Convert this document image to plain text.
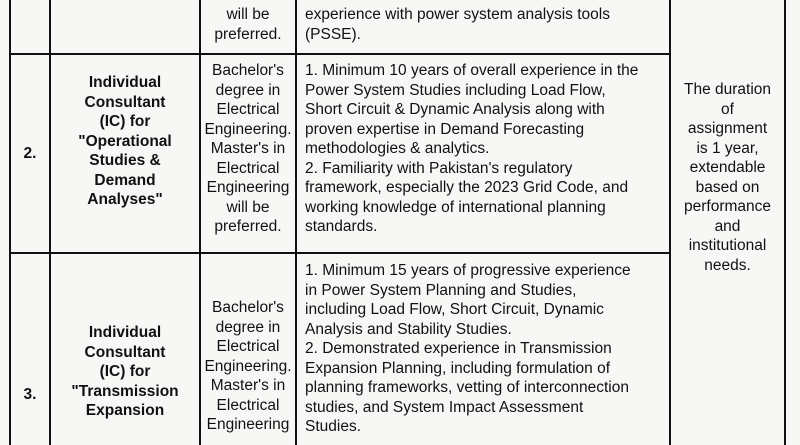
will be
preferred.
experience with power system analysis tools
(PSSE).
2.
Individual
Consultant
(IC) for
"Operational
Studies &
Demand
Analyses"
Bachelor's
degree in
Electrical
Engineering.
Master's in
Electrical
Engineering
will be
preferred.
1. Minimum 10 years of overall experience in the
Power System Studies including Load Flow,
Short Circuit & Dynamic Analysis along with
proven expertise in Demand Forecasting
methodologies & analytics.
2. Familiarity with Pakistan's regulatory
framework, especially the 2023 Grid Code, and
working knowledge of international planning
standards.
3.
Individual
Consultant
(IC) for
"Transmission
Expansion
Bachelor's
degree in
Electrical
Engineering.
Master's in
Electrical
Engineering
1. Minimum 15 years of progressive experience
in Power System Planning and Studies,
including Load Flow, Short Circuit, Dynamic
Analysis and Stability Studies.
2. Demonstrated experience in Transmission
Expansion Planning, including formulation of
planning frameworks, vetting of interconnection
studies, and System Impact Assessment
Studies.
The duration
of
assignment
is 1 year,
extendable
based on
performance
and
institutional
needs.
